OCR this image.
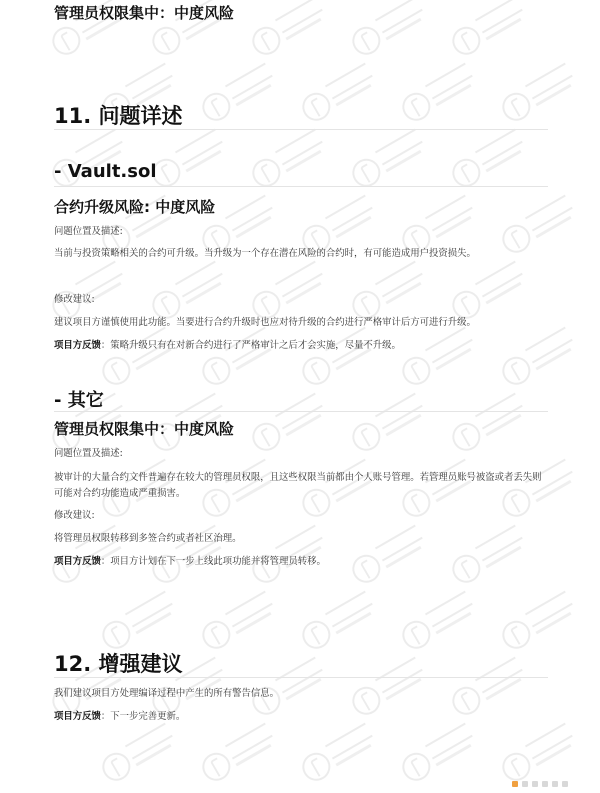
管理员权限集中：中度风险
11. 问题详述
- Vault.sol
合约升级风险: 中度风险
问题位置及描述:
当前与投资策略相关的合约可升级。当升级为一个存在潜在风险的合约时，有可能造成用户投资损失。
修改建议:
建议项目方谨慎使用此功能。当要进行合约升级时也应对待升级的合约进行严格审计后方可进行升级。
项目方反馈：策略升级只有在对新合约进行了严格审计之后才会实施，尽量不升级。
- 其它
管理员权限集中：中度风险
问题位置及描述:
被审计的大量合约文件普遍存在较大的管理员权限，且这些权限当前都由个人账号管理。若管理员账号被盗或者丢失则可能对合约功能造成严重损害。
修改建议:
将管理员权限转移到多签合约或者社区治理。
项目方反馈：项目方计划在下一步上线此项功能并将管理员转移。
12. 增强建议
我们建议项目方处理编译过程中产生的所有警告信息。
项目方反馈：下一步完善更新。
